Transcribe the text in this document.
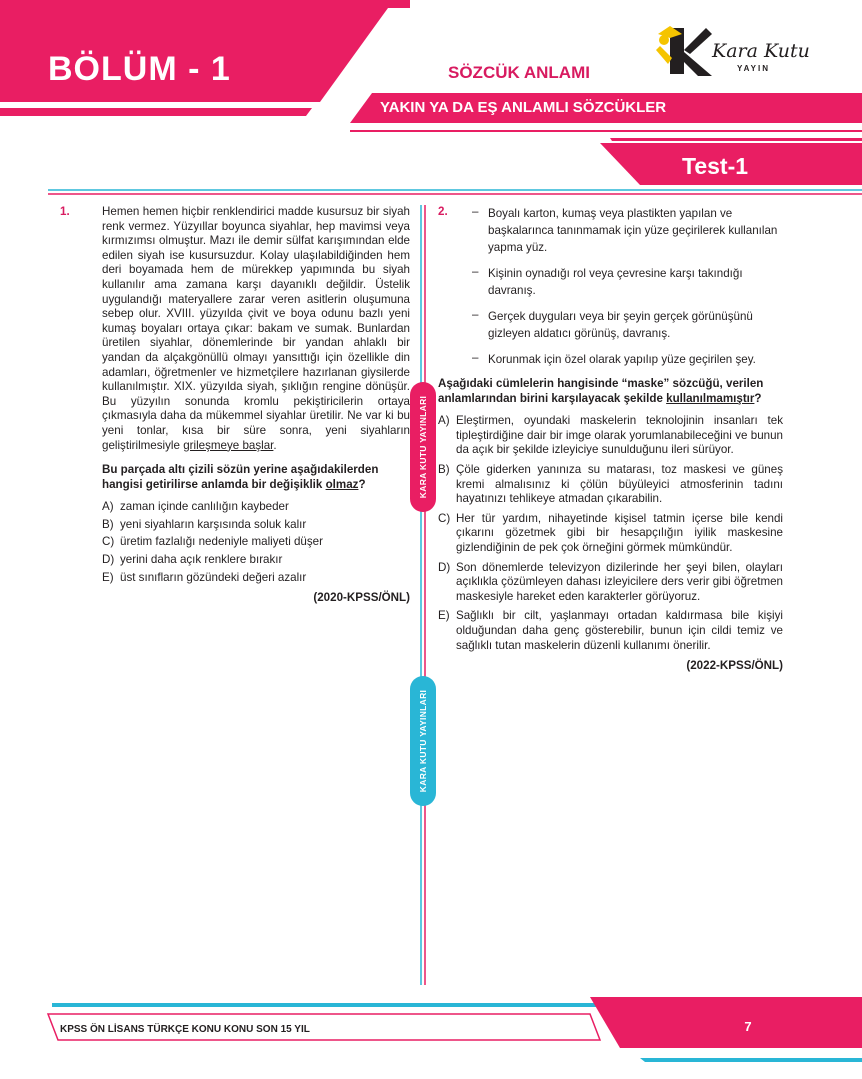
BÖLÜM - 1	SÖZCÜK ANLAMI
YAKIN YA DA EŞ ANLAMLI SÖZCÜKLER
Test-1
Kara Kutu
YAYIN
KARA KUTU YAYINLARI
KARA KUTU YAYINLARI
1.	Hemen hemen hiçbir renklendirici madde kusursuz bir siyah renk vermez. Yüzyıllar boyunca siyahlar, hep mavimsi veya kırmızımsı olmuştur. Mazı ile demir sülfat karışımından elde edilen siyah ise kusursuzdur. Kolay ulaşılabildiğinden hem deri boyamada hem de mürekkep yapımında bu siyah kullanılır ama zamana karşı dayanıklı değildir. Üstelik uygulandığı materyallere zarar veren asitlerin oluşumuna sebep olur. XVIII. yüzyılda çivit ve boya odunu bazlı yeni kumaş boyaları ortaya çıkar: bakam ve sumak. Bunlardan üretilen siyahlar, dönemlerinde bir yandan ahlaklı bir yandan da alçakgönüllü olmayı yansıttığı için özellikle din adamları, öğretmenler ve hizmetçilere hazırlanan giysilerde kullanılmıştır. XIX. yüzyılda siyah, şıklığın rengine dönüşür. Bu yüzyılın sonunda kromlu pekiştiricilerin ortaya çıkmasıyla daha da mükemmel siyahlar üretilir. Ne var ki bu yeni tonlar, kısa bir süre sonra, yeni siyahların geliştirilmesiyle grileşmeye başlar.

Bu parçada altı çizili sözün yerine aşağıdakilerden hangisi getirilirse anlamda bir değişiklik olmaz?

A) zaman içinde canlılığın kaybeder
B) yeni siyahların karşısında soluk kalır
C) üretim fazlalığı nedeniyle maliyeti düşer
D) yerini daha açık renklere bırakır
E) üst sınıfların gözündeki değeri azalır
(2020-KPSS/ÖNL)
2. – Boyalı karton, kumaş veya plastikten yapılan ve başkalarınca tanınmamak için yüze geçirilerek kullanılan yapma yüz.
– Kişinin oynadığı rol veya çevresine karşı takındığı davranış.
– Gerçek duyguları veya bir şeyin gerçek görünüşünü gizleyen aldatıcı görünüş, davranış.
– Korunmak için özel olarak yapılıp yüze geçirilen şey.

Aşağıdaki cümlelerin hangisinde “maske” sözcüğü, verilen anlamlarından birini karşılayacak şekilde kullanılmamıştır?

A) Eleştirmen, oyundaki maskelerin teknolojinin insanları tek tipleştirdiğine dair bir imge olarak yorumlanabileceğini ve bunun da açık bir şekilde izleyiciye sunulduğunu ileri sürüyor.
B) Çöle giderken yanınıza su matarası, toz maskesi ve güneş kremi almalısınız ki çölün büyüleyici atmosferinin tadını hayatınızı tehlikeye atmadan çıkarabilin.
C) Her tür yardım, nihayetinde kişisel tatmin içerse bile kendi çıkarını gözetmek gibi bir hesapçılığın iyilik maskesine gizlendiğinin de pek çok örneğini görmek mümkündür.
D) Son dönemlerde televizyon dizilerinde her şeyi bilen, olayları açıklıkla çözümleyen dahası izleyicilere ders verir gibi öğretmen maskesiyle hareket eden karakterler görüyoruz.
E) Sağlıklı bir cilt, yaşlanmayı ortadan kaldırmasa bile kişiyi olduğundan daha genç gösterebilir, bunun için cildi temiz ve sağlıklı tutan maskelerin düzenli kullanımı önerilir.
(2022-KPSS/ÖNL)
KPSS ÖN LİSANS TÜRKÇE KONU KONU SON 15 YIL	7
